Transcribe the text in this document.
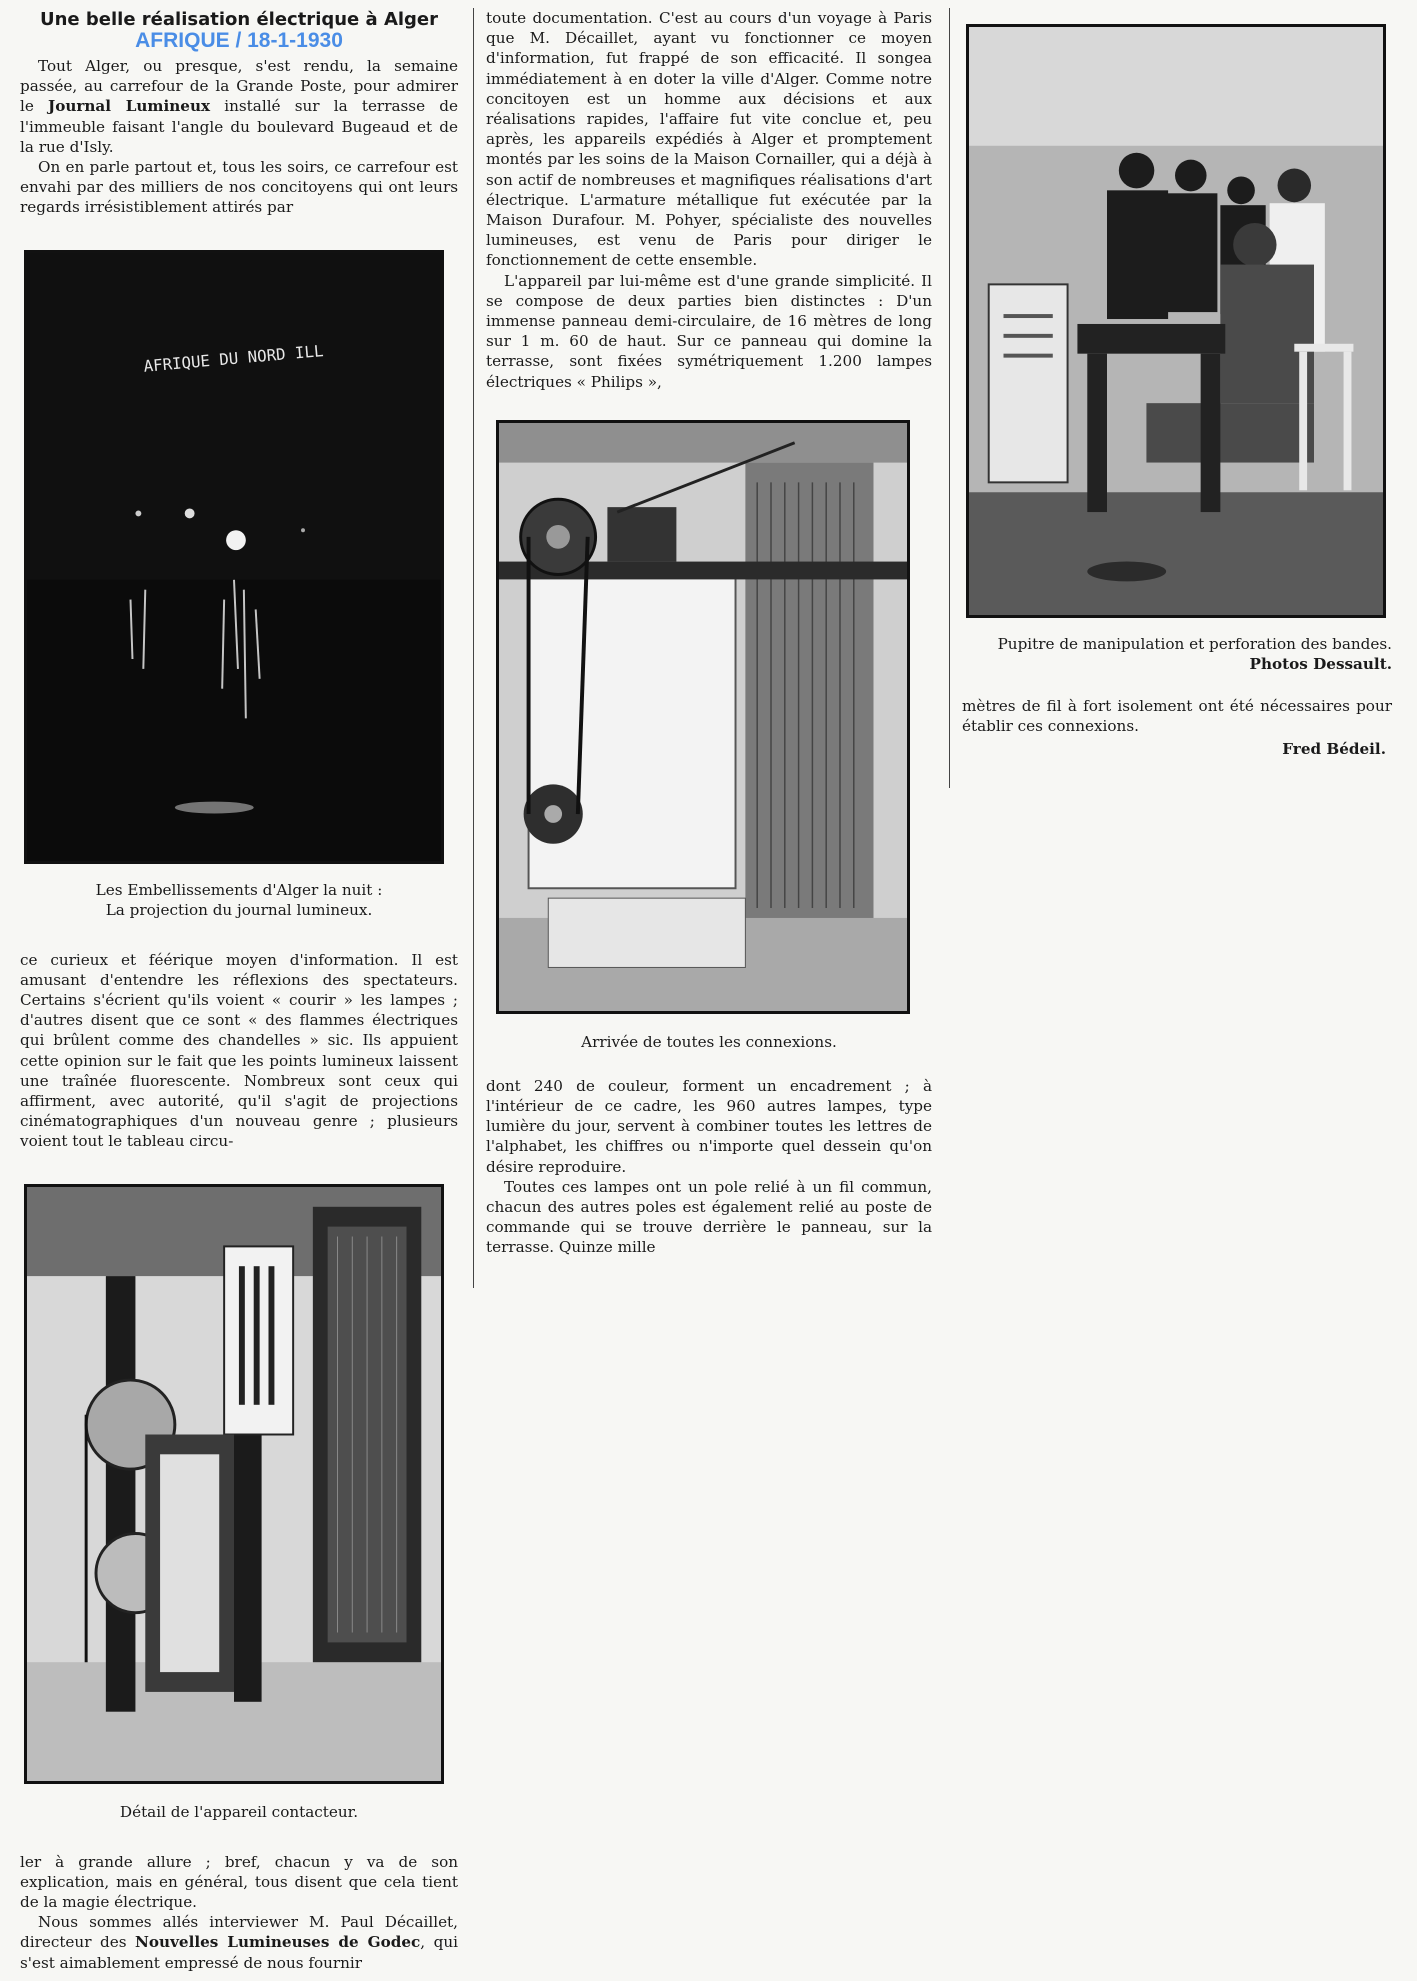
Une belle réalisation électrique à Alger
AFRIQUE / 18-1-1930

Tout Alger, ou presque, s'est rendu, la semaine passée, au carrefour de la Grande Poste, pour admirer le Journal Lumineux installé sur la terrasse de l'immeuble faisant l'angle du boulevard Bugeaud et de la rue d'Isly.

On en parle partout et, tous les soirs, ce carrefour est envahi par des milliers de nos concitoyens qui ont leurs regards irrésistiblement attirés par

AFRIQUE DU NORD ILL

Les Embellissements d'Alger la nuit :

La projection du journal lumineux.

ce curieux et féérique moyen d'information. Il est amusant d'entendre les réflexions des spectateurs. Certains s'écrient qu'ils voient « courir » les lampes ; d'autres disent que ce sont « des flammes électriques qui brûlent comme des chandelles » sic. Ils appuient cette opinion sur le fait que les points lumineux laissent une traînée fluorescente. Nombreux sont ceux qui affirment, avec autorité, qu'il s'agit de projections cinématographiques d'un nouveau genre ; plusieurs voient tout le tableau circu-

Détail de l'appareil contacteur.

ler à grande allure ; bref, chacun y va de son explication, mais en général, tous disent que cela tient de la magie électrique.

Nous sommes allés interviewer M. Paul Décaillet, directeur des Nouvelles Lumineuses de Godec, qui s'est aimablement empressé de nous fournir

toute documentation. C'est au cours d'un voyage à Paris que M. Décaillet, ayant vu fonctionner ce moyen d'information, fut frappé de son efficacité. Il songea immédiatement à en doter la ville d'Alger. Comme notre concitoyen est un homme aux décisions et aux réalisations rapides, l'affaire fut vite conclue et, peu après, les appareils expédiés à Alger et promptement montés par les soins de la Maison Cornailler, qui a déjà à son actif de nombreuses et magnifiques réalisations d'art électrique. L'armature métallique fut exécutée par la Maison Durafour. M. Pohyer, spécialiste des nouvelles lumineuses, est venu de Paris pour diriger le fonctionnement de cette ensemble.

L'appareil par lui-même est d'une grande simplicité. Il se compose de deux parties bien distinctes : D'un immense panneau demi-circulaire, de 16 mètres de long sur 1 m. 60 de haut. Sur ce panneau qui domine la terrasse, sont fixées symétriquement 1.200 lampes électriques « Philips »,

Arrivée de toutes les connexions.

dont 240 de couleur, forment un encadrement ; à l'intérieur de ce cadre, les 960 autres lampes, type lumière du jour, servent à combiner toutes les lettres de l'alphabet, les chiffres ou n'importe quel dessein qu'on désire reproduire.

Toutes ces lampes ont un pole relié à un fil commun, chacun des autres poles est également relié au poste de commande qui se trouve derrière le panneau, sur la terrasse. Quinze mille

Pupitre de manipulation et perforation des bandes.

Photos Dessault.

mètres de fil à fort isolement ont été nécessaires pour établir ces connexions.

Fred Bédeil.
